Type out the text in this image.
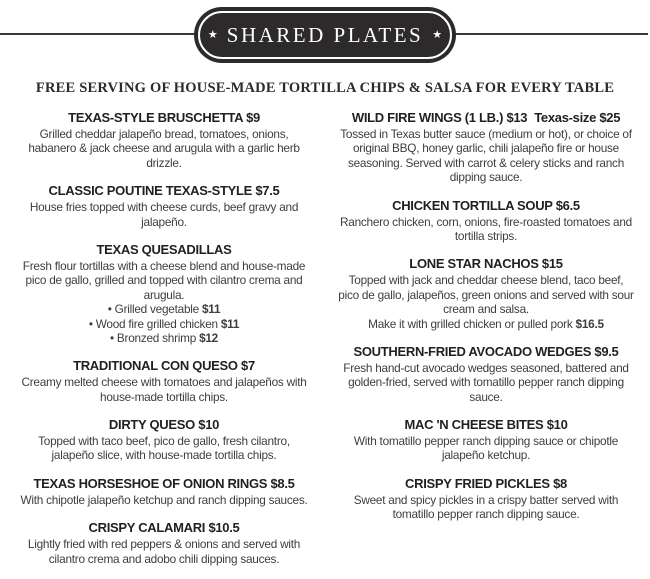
★ SHARED PLATES ★
FREE SERVING OF HOUSE-MADE TORTILLA CHIPS & SALSA FOR EVERY TABLE
TEXAS-STYLE BRUSCHETTA $9
Grilled cheddar jalapeño bread, tomatoes, onions, habanero & jack cheese and arugula with a garlic herb drizzle.
CLASSIC POUTINE TEXAS-STYLE $7.5
House fries topped with cheese curds, beef gravy and jalapeño.
TEXAS QUESADILLAS
Fresh flour tortillas with a cheese blend and house-made pico de gallo, grilled and topped with cilantro crema and arugula.
• Grilled vegetable $11
• Wood fire grilled chicken $11
• Bronzed shrimp $12
TRADITIONAL CON QUESO $7
Creamy melted cheese with tomatoes and jalapeños with house-made tortilla chips.
DIRTY QUESO $10
Topped with taco beef, pico de gallo, fresh cilantro, jalapeño slice, with house-made tortilla chips.
TEXAS HORSESHOE OF ONION RINGS $8.5
With chipotle jalapeño ketchup and ranch dipping sauces.
CRISPY CALAMARI $10.5
Lightly fried with red peppers & onions and served with cilantro crema and adobo chili dipping sauces.
WILD FIRE WINGS (1 LB.) $13 Texas-size $25
Tossed in Texas butter sauce (medium or hot), or choice of original BBQ, honey garlic, chili jalapeño fire or house seasoning. Served with carrot & celery sticks and ranch dipping sauce.
CHICKEN TORTILLA SOUP $6.5
Ranchero chicken, corn, onions, fire-roasted tomatoes and tortilla strips.
LONE STAR NACHOS $15
Topped with jack and cheddar cheese blend, taco beef, pico de gallo, jalapeños, green onions and served with sour cream and salsa.
Make it with grilled chicken or pulled pork $16.5
SOUTHERN-FRIED AVOCADO WEDGES $9.5
Fresh hand-cut avocado wedges seasoned, battered and golden-fried, served with tomatillo pepper ranch dipping sauce.
MAC 'N CHEESE BITES $10
With tomatillo pepper ranch dipping sauce or chipotle jalapeño ketchup.
CRISPY FRIED PICKLES $8
Sweet and spicy pickles in a crispy batter served with tomatillo pepper ranch dipping sauce.
